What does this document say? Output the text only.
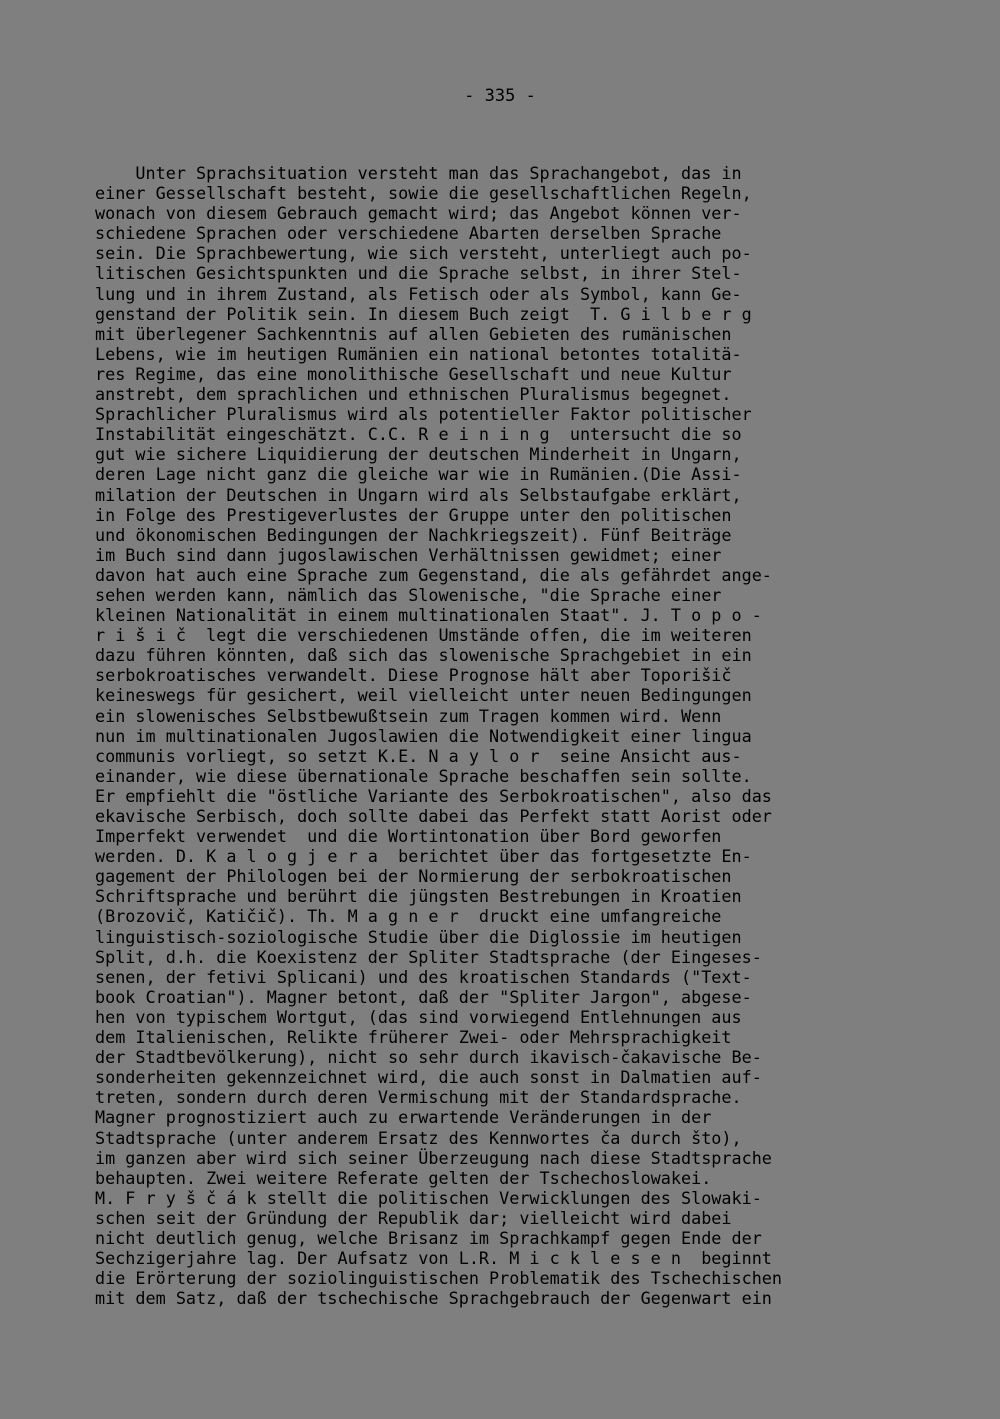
- 335 -
Unter Sprachsituation versteht man das Sprachangebot, das in
einer Gessellschaft besteht, sowie die gesellschaftlichen Regeln,
wonach von diesem Gebrauch gemacht wird; das Angebot können ver-
schiedene Sprachen oder verschiedene Abarten derselben Sprache
sein. Die Sprachbewertung, wie sich versteht, unterliegt auch po-
litischen Gesichtspunkten und die Sprache selbst, in ihrer Stel-
lung und in ihrem Zustand, als Fetisch oder als Symbol, kann Ge-
genstand der Politik sein. In diesem Buch zeigt  T. G i l b e r g
mit überlegener Sachkenntnis auf allen Gebieten des rumänischen
Lebens, wie im heutigen Rumänien ein national betontes totalitä-
res Regime, das eine monolithische Gesellschaft und neue Kultur
anstrebt, dem sprachlichen und ethnischen Pluralismus begegnet.
Sprachlicher Pluralismus wird als potentieller Faktor politischer
Instabilität eingeschätzt. C.C. R e i n i n g  untersucht die so
gut wie sichere Liquidierung der deutschen Minderheit in Ungarn,
deren Lage nicht ganz die gleiche war wie in Rumänien.(Die Assi-
milation der Deutschen in Ungarn wird als Selbstaufgabe erklärt,
in Folge des Prestigeverlustes der Gruppe unter den politischen
und ökonomischen Bedingungen der Nachkriegszeit). Fünf Beiträge
im Buch sind dann jugoslawischen Verhältnissen gewidmet; einer
davon hat auch eine Sprache zum Gegenstand, die als gefährdet ange-
sehen werden kann, nämlich das Slowenische, "die Sprache einer
kleinen Nationalität in einem multinationalen Staat". J. T o p o -
r i š i č  legt die verschiedenen Umstände offen, die im weiteren
dazu führen könnten, daß sich das slowenische Sprachgebiet in ein
serbokroatisches verwandelt. Diese Prognose hält aber Toporišič
keineswegs für gesichert, weil vielleicht unter neuen Bedingungen
ein slowenisches Selbstbewußtsein zum Tragen kommen wird. Wenn
nun im multinationalen Jugoslawien die Notwendigkeit einer lingua
communis vorliegt, so setzt K.E. N a y l o r  seine Ansicht aus-
einander, wie diese übernationale Sprache beschaffen sein sollte.
Er empfiehlt die "östliche Variante des Serbokroatischen", also das
ekavische Serbisch, doch sollte dabei das Perfekt statt Aorist oder
Imperfekt verwendet  und die Wortintonation über Bord geworfen
werden. D. K a l o g j e r a  berichtet über das fortgesetzte En-
gagement der Philologen bei der Normierung der serbokroatischen
Schriftsprache und berührt die jüngsten Bestrebungen in Kroatien
(Brozovič, Katičič). Th. M a g n e r  druckt eine umfangreiche
linguistisch-soziologische Studie über die Diglossie im heutigen
Split, d.h. die Koexistenz der Spliter Stadtsprache (der Eingeses-
senen, der fetivi Splicani) und des kroatischen Standards ("Text-
book Croatian"). Magner betont, daß der "Spliter Jargon", abgese-
hen von typischem Wortgut, (das sind vorwiegend Entlehnungen aus
dem Italienischen, Relikte früherer Zwei- oder Mehrsprachigkeit
der Stadtbevölkerung), nicht so sehr durch ikavisch-čakavische Be-
sonderheiten gekennzeichnet wird, die auch sonst in Dalmatien auf-
treten, sondern durch deren Vermischung mit der Standardsprache.
Magner prognostiziert auch zu erwartende Veränderungen in der
Stadtsprache (unter anderem Ersatz des Kennwortes ča durch što),
im ganzen aber wird sich seiner Überzeugung nach diese Stadtsprache
behaupten. Zwei weitere Referate gelten der Tschechoslowakei.
M. F r y š č á k stellt die politischen Verwicklungen des Slowaki-
schen seit der Gründung der Republik dar; vielleicht wird dabei
nicht deutlich genug, welche Brisanz im Sprachkampf gegen Ende der
Sechzigerjahre lag. Der Aufsatz von L.R. M i c k l e s e n  beginnt
die Erörterung der soziolinguistischen Problematik des Tschechischen
mit dem Satz, daß der tschechische Sprachgebrauch der Gegenwart ein
